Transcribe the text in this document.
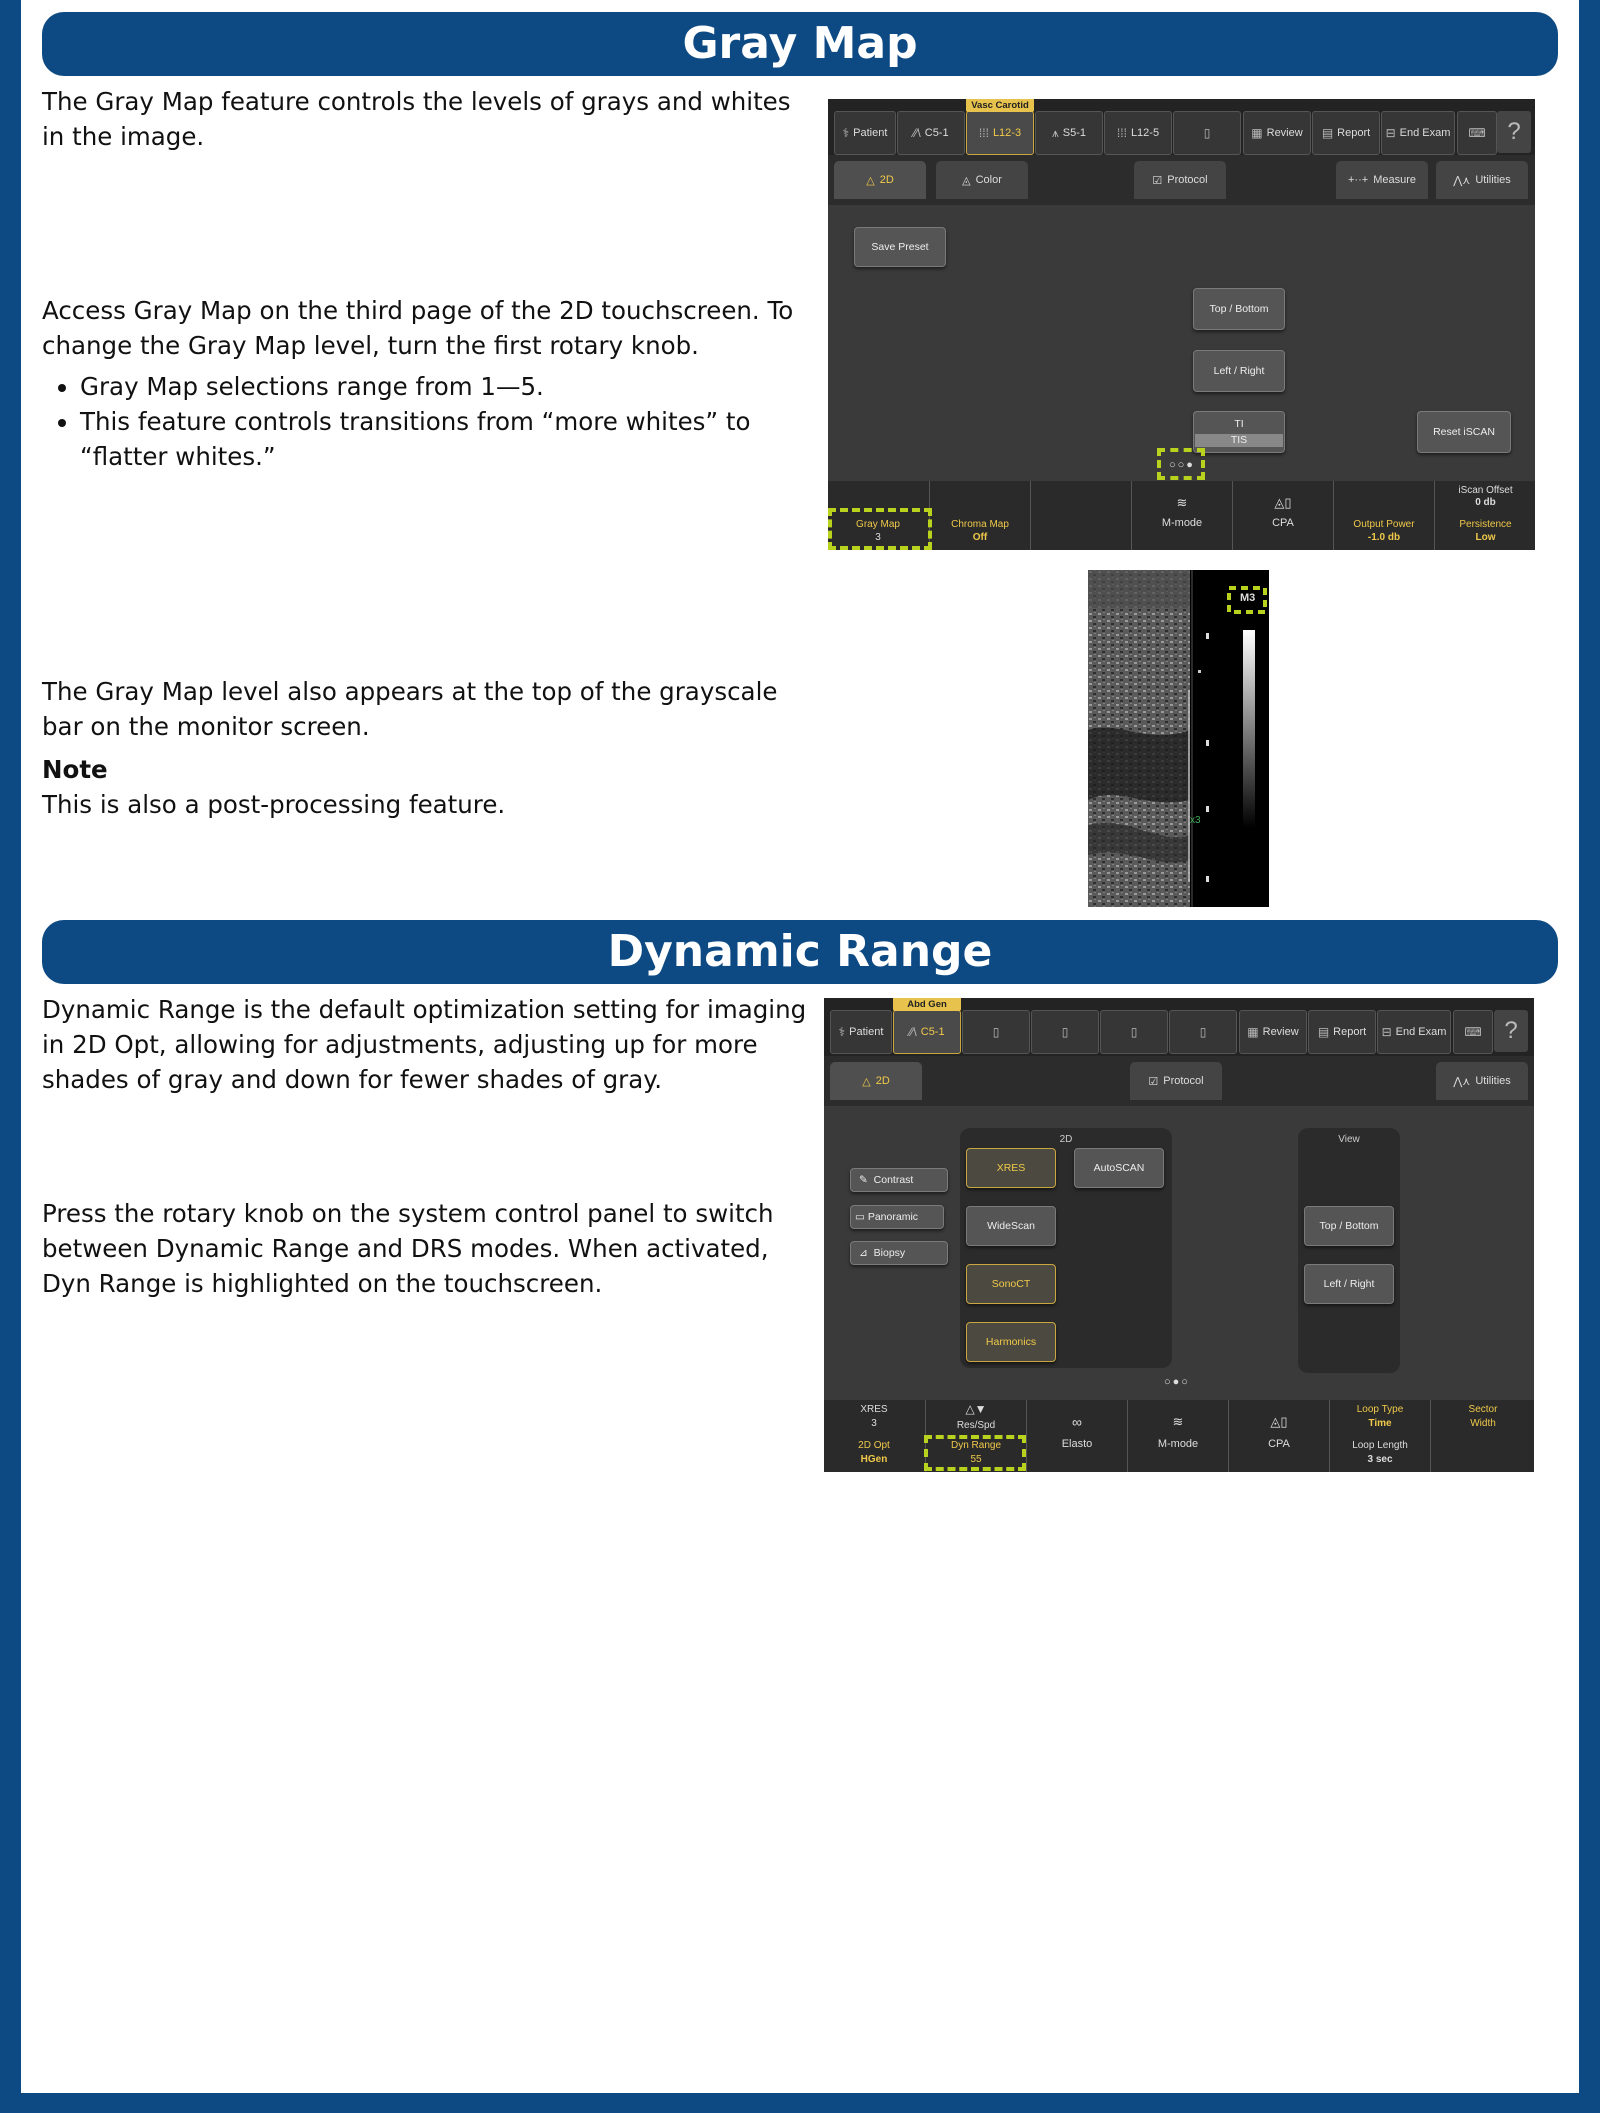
Gray Map

The Gray Map feature controls the levels of grays and whites in the image.

Access Gray Map on the third page of the 2D touchscreen. To change the Gray Map level, turn the first rotary knob.

• Gray Map selections range from 1—5.
• This feature controls transitions from “more whites” to “flatter whites.”

The Gray Map level also appears at the top of the grayscale bar on the monitor screen.

Note

This is also a post-processing feature.

⚕ Patient ⁄⁄\ C5-1	⁞⁞⁞ L12-3
Vasc Carotid
⩚ S5-1	⁞⁞⁞ L12-5	▯	▦ Review ▤ Report ⊟ End Exam ⌨ ?
△ 2D	◬ Color	☑ Protocol	+··+ Measure	⋀⋏ Utilities
Save Preset
Top / Bottom
Left / Right
TI
TIS
Reset iSCAN
○○●
Gray Map
3
Chroma Map
Off
≋
M-mode
◬▯
CPA	Output Power
-1.0 db
iScan Offset
0 db
Persistence
Low
M3
x3
Dynamic Range

Dynamic Range is the default optimization setting for imaging in 2D Opt, allowing for adjustments, adjusting up for more shades of gray and down for fewer shades of gray.

Press the rotary knob on the system control panel to switch between Dynamic Range and DRS modes. When activated, Dyn Range is highlighted on the touchscreen.

⚕ Patient ⁄⁄\ C5-1
Abd Gen
▯	▯	▯	▯	▦ Review ▤ Report ⊟ End Exam ⌨ ?
△ 2D	☑ Protocol	⋀⋏ Utilities
✎
Contrast
▭
Panoramic
⊿
Biopsy
2D
XRES	AutoSCAN
WideScan
SonoCT
Harmonics
View
Top / Bottom
Left / Right
○●○
XRES
3
2D Opt
HGen
△▼
Res/Spd
Dyn Range
55
∞
Elasto
≋
M-mode
◬▯
CPA
Loop Type
Time
Loop Length
3 sec
Sector
Width
